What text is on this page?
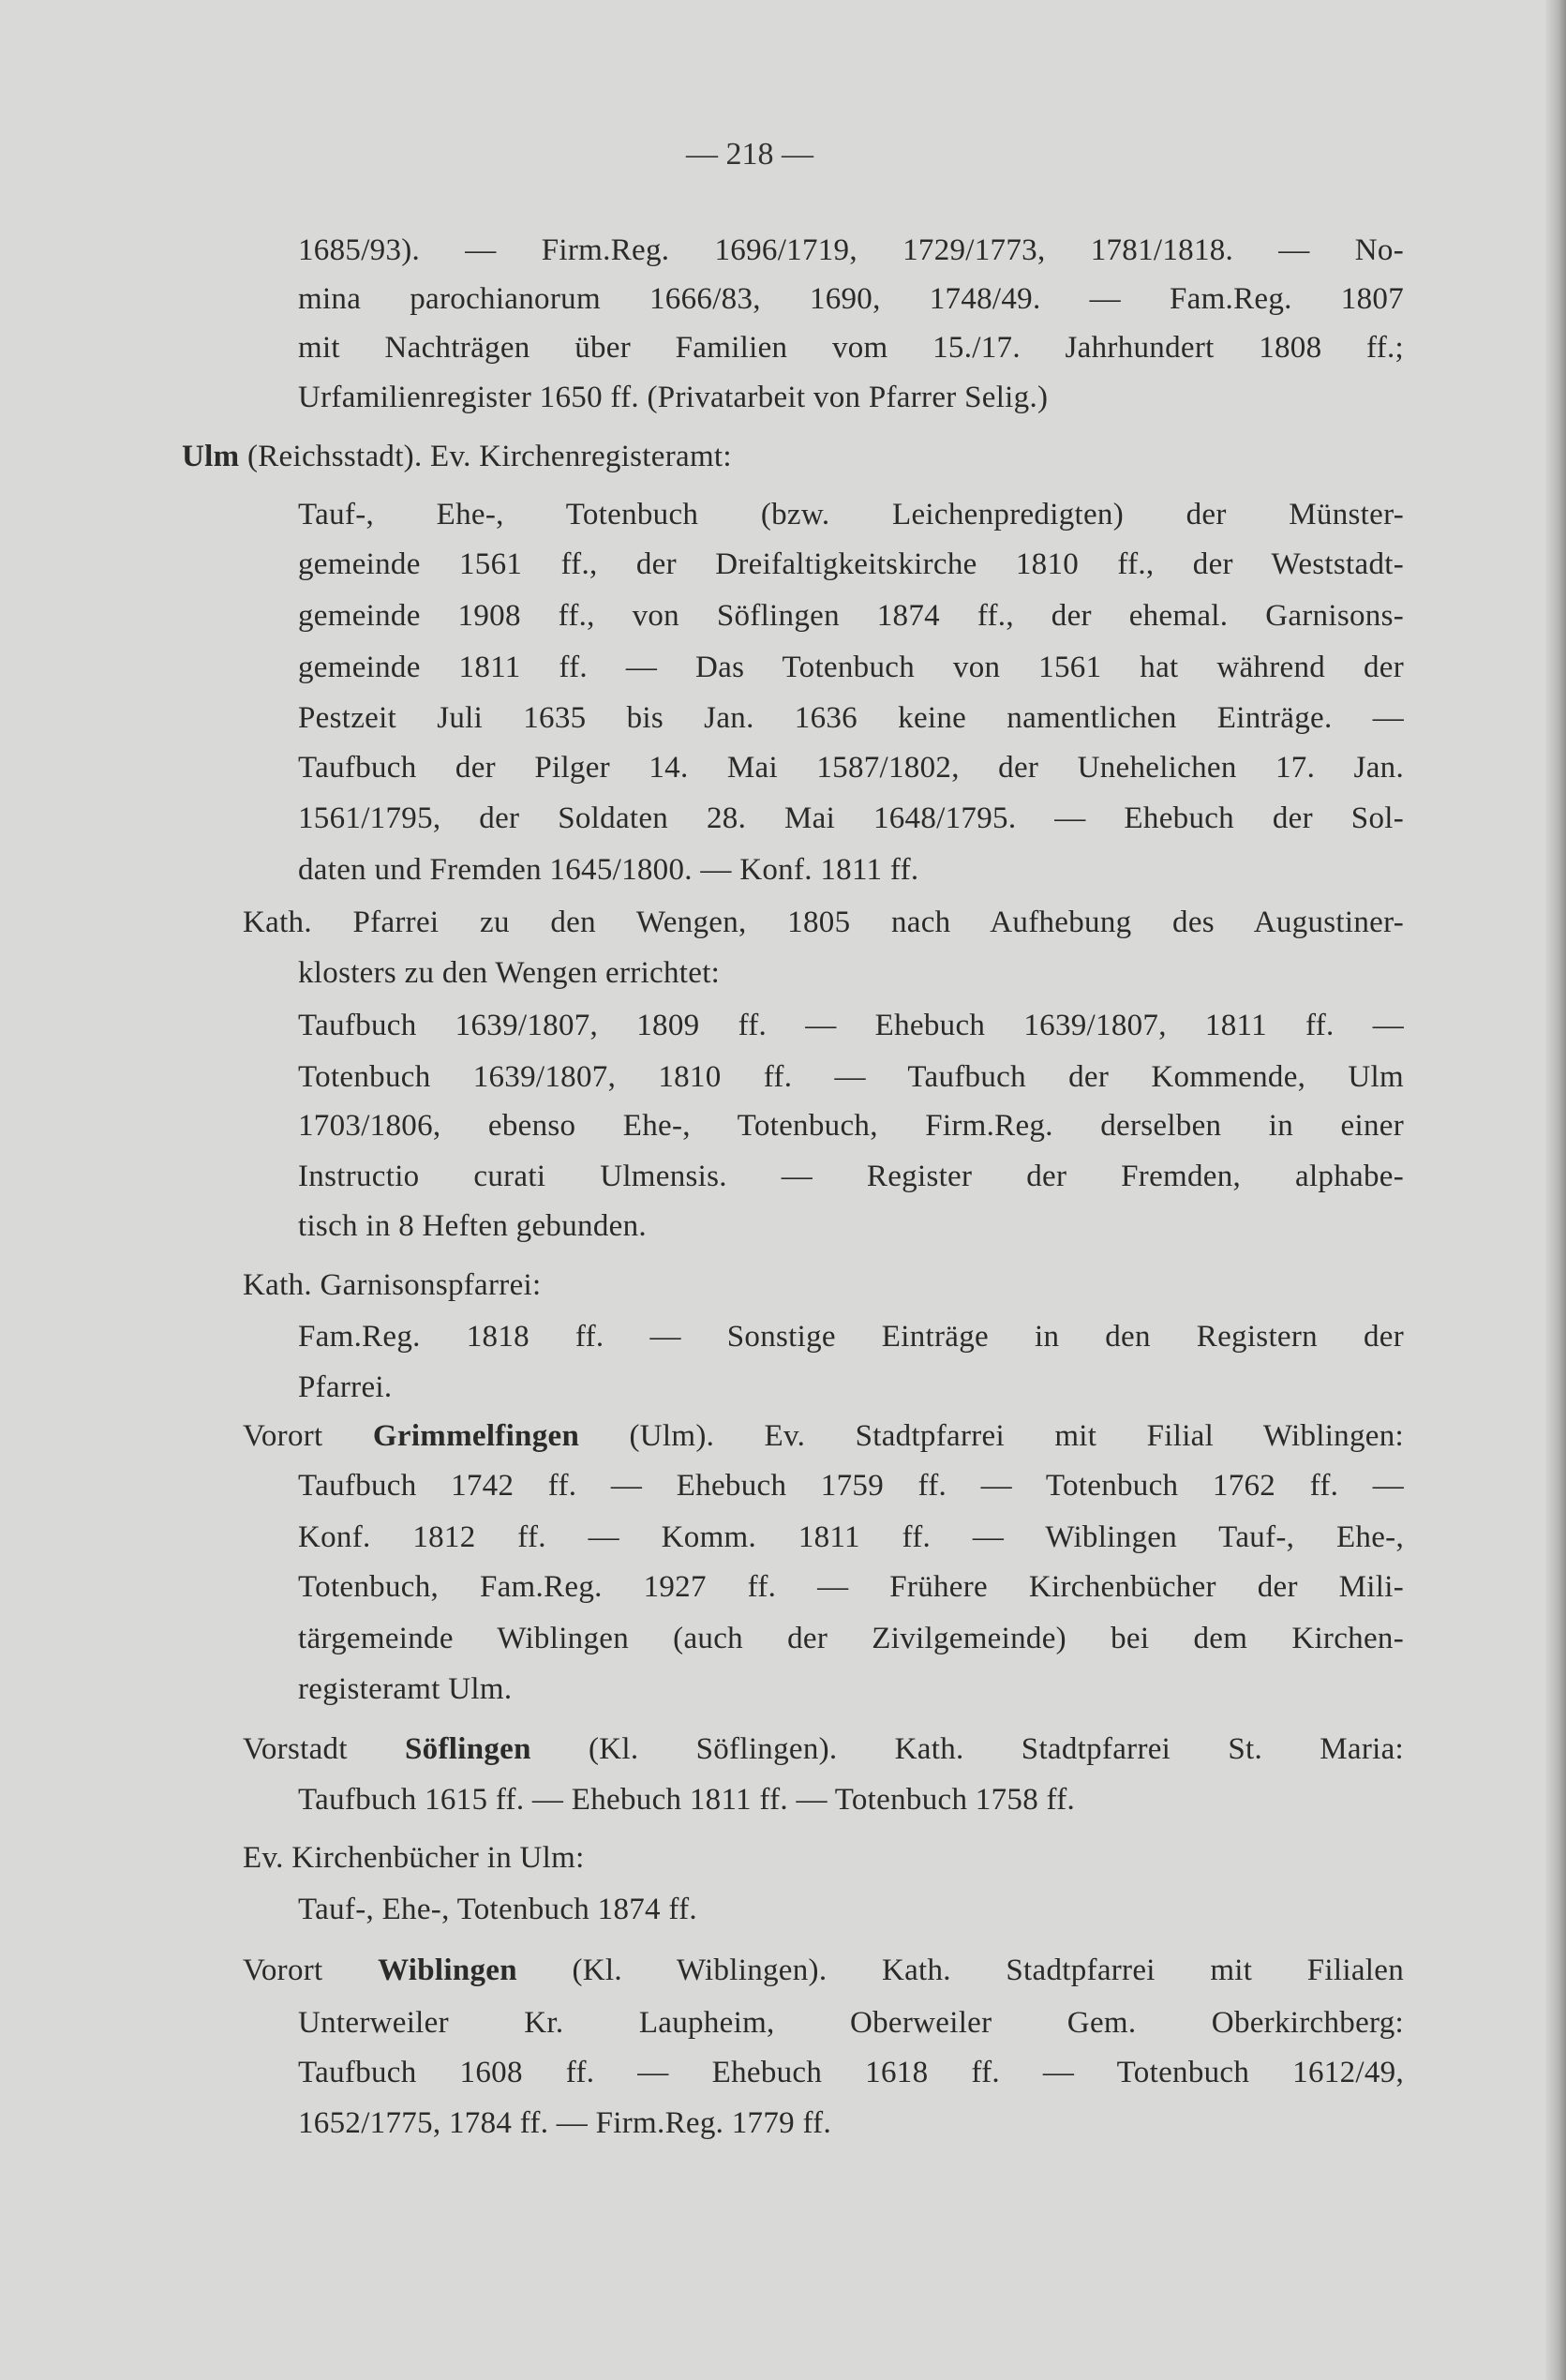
— 218 —
1685/93). — Firm.Reg. 1696/1719, 1729/1773, 1781/1818. — No-
mina parochianorum 1666/83, 1690, 1748/49. — Fam.Reg. 1807
mit Nachträgen über Familien vom 15./17. Jahrhundert 1808 ff.;
Urfamilienregister 1650 ff. (Privatarbeit von Pfarrer Selig.)
Ulm (Reichsstadt). Ev. Kirchenregisteramt:
Tauf-, Ehe-, Totenbuch (bzw. Leichenpredigten) der Münster-
gemeinde 1561 ff., der Dreifaltigkeitskirche 1810 ff., der Weststadt-
gemeinde 1908 ff., von Söflingen 1874 ff., der ehemal. Garnisons-
gemeinde 1811 ff. — Das Totenbuch von 1561 hat während der
Pestzeit Juli 1635 bis Jan. 1636 keine namentlichen Einträge. —
Taufbuch der Pilger 14. Mai 1587/1802, der Unehelichen 17. Jan.
1561/1795, der Soldaten 28. Mai 1648/1795. — Ehebuch der Sol-
daten und Fremden 1645/1800. — Konf. 1811 ff.
Kath. Pfarrei zu den Wengen, 1805 nach Aufhebung des Augustiner-
klosters zu den Wengen errichtet:
Taufbuch 1639/1807, 1809 ff. — Ehebuch 1639/1807, 1811 ff. —
Totenbuch 1639/1807, 1810 ff. — Taufbuch der Kommende, Ulm
1703/1806, ebenso Ehe-, Totenbuch, Firm.Reg. derselben in einer
Instructio curati Ulmensis. — Register der Fremden, alphabe-
tisch in 8 Heften gebunden.
Kath. Garnisonspfarrei:
Fam.Reg. 1818 ff. — Sonstige Einträge in den Registern der
Pfarrei.
Vorort Grimmelfingen (Ulm). Ev. Stadtpfarrei mit Filial Wiblingen:
Taufbuch 1742 ff. — Ehebuch 1759 ff. — Totenbuch 1762 ff. —
Konf. 1812 ff. — Komm. 1811 ff. — Wiblingen Tauf-, Ehe-,
Totenbuch, Fam.Reg. 1927 ff. — Frühere Kirchenbücher der Mili-
tärgemeinde Wiblingen (auch der Zivilgemeinde) bei dem Kirchen-
registeramt Ulm.
Vorstadt Söflingen (Kl. Söflingen). Kath. Stadtpfarrei St. Maria:
Taufbuch 1615 ff. — Ehebuch 1811 ff. — Totenbuch 1758 ff.
Ev. Kirchenbücher in Ulm:
Tauf-, Ehe-, Totenbuch 1874 ff.
Vorort Wiblingen (Kl. Wiblingen). Kath. Stadtpfarrei mit Filialen
Unterweiler Kr. Laupheim, Oberweiler Gem. Oberkirchberg:
Taufbuch 1608 ff. — Ehebuch 1618 ff. — Totenbuch 1612/49,
1652/1775, 1784 ff. — Firm.Reg. 1779 ff.
